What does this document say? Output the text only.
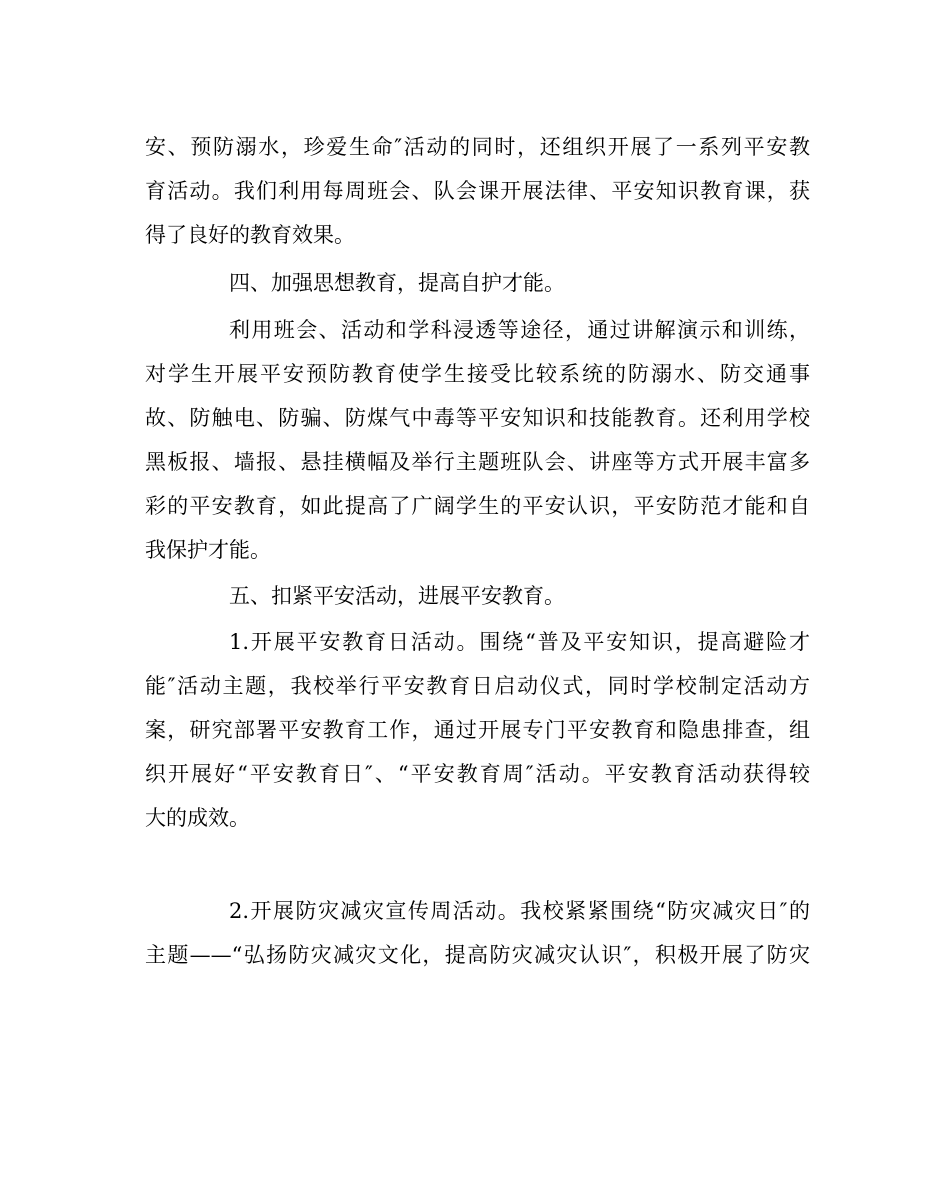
安、预防溺水，珍爱生命″活动的同时，还组织开展了一系列平安教
育活动。我们利用每周班会、队会课开展法律、平安知识教育课，获
得了良好的教育效果。
四、加强思想教育，提高自护才能。
利用班会、活动和学科浸透等途径，通过讲解演示和训练，
对学生开展平安预防教育使学生接受比较系统的防溺水、防交通事
故、防触电、防骗、防煤气中毒等平安知识和技能教育。还利用学校
黑板报、墙报、悬挂横幅及举行主题班队会、讲座等方式开展丰富多
彩的平安教育，如此提高了广阔学生的平安认识，平安防范才能和自
我保护才能。
五、扣紧平安活动，进展平安教育。
1.开展平安教育日活动。围绕“普及平安知识，提高避险才
能″活动主题，我校举行平安教育日启动仪式，同时学校制定活动方
案，研究部署平安教育工作，通过开展专门平安教育和隐患排查，组
织开展好“平安教育日″、“平安教育周″活动。平安教育活动获得较
大的成效。
2.开展防灾减灾宣传周活动。我校紧紧围绕“防灾减灾日″的
主题——“弘扬防灾减灾文化，提高防灾减灾认识″，积极开展了防灾
